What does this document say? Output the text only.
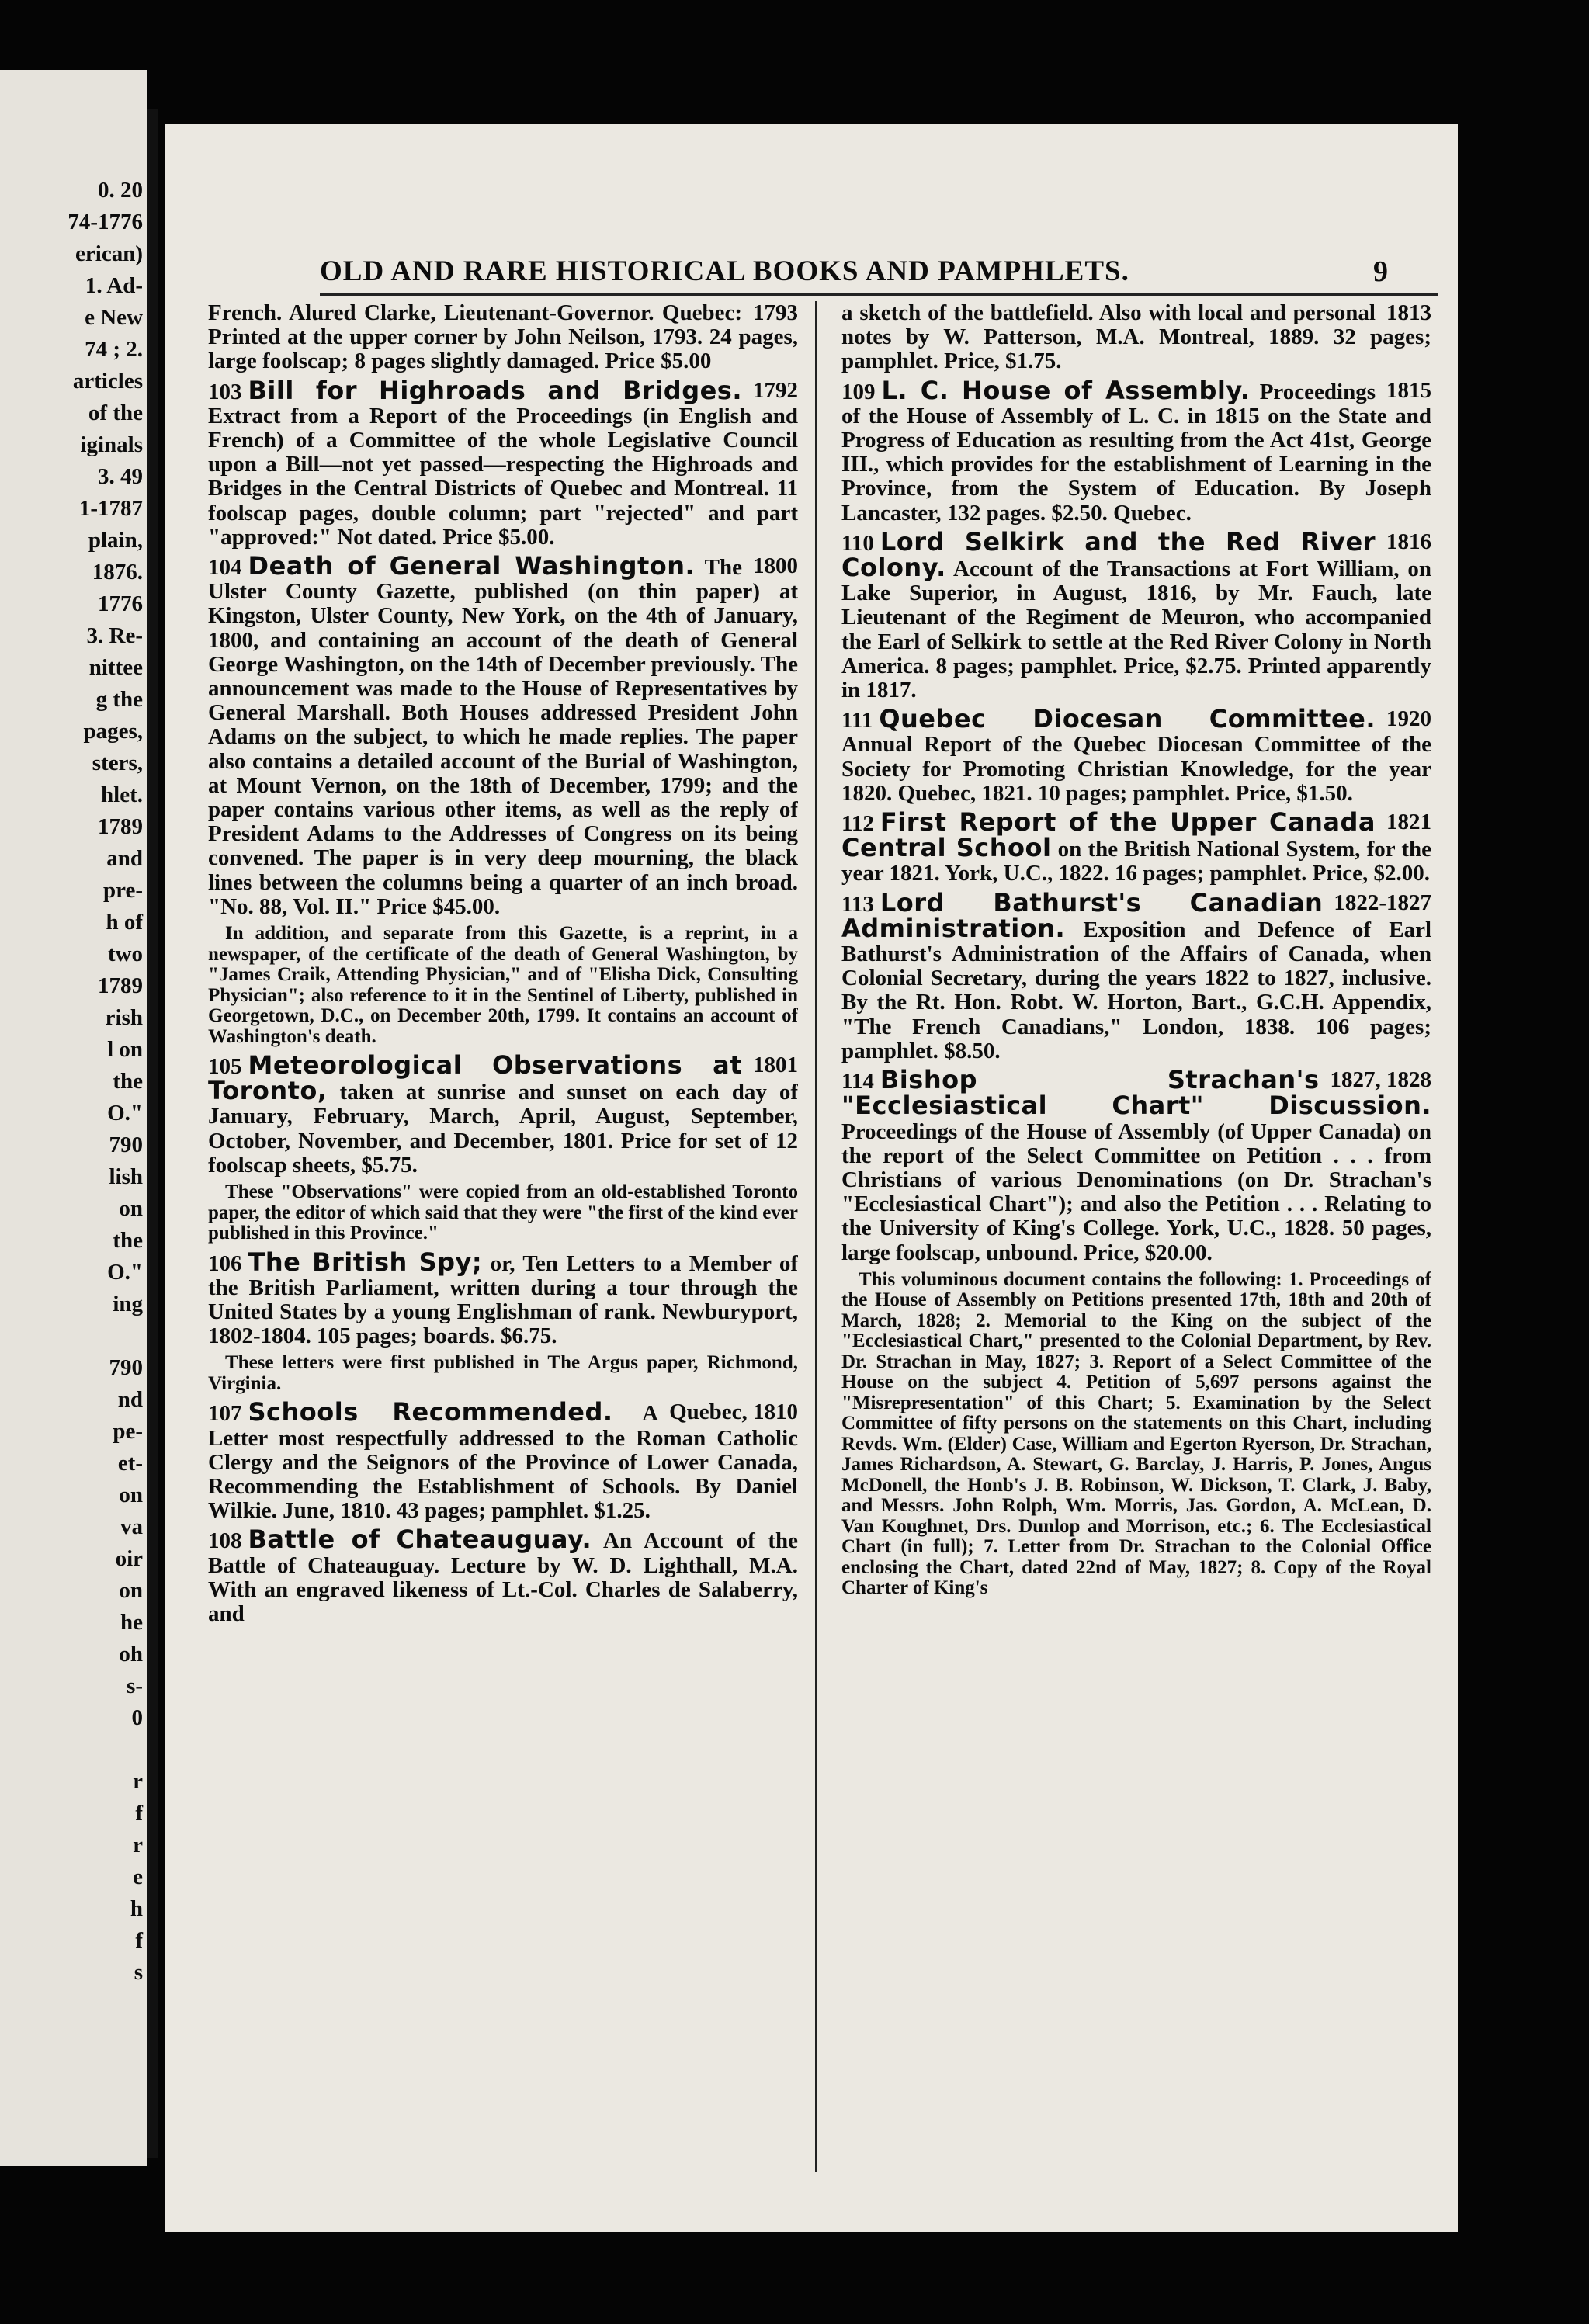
0. 20
74-1776
erican)
1. Ad-
e New
74 ; 2.
articles
of the
iginals
3. 49
1-1787
plain,
1876.
1776
3. Re-
nittee
g the
pages,
sters,
hlet.
1789
and
pre-
h of
two
1789
rish
l on
the
O."
790
lish
on
the
O."
ing
790
nd
pe-
et-
on
va
oir
on
he
oh
s-
0
r
f
r
e
h
f
s
OLD AND RARE HISTORICAL BOOKS AND PAMPHLETS.	9
1793
French. Alured Clarke, Lieutenant-Governor. Quebec: Printed at the upper corner by John Neilson, 1793. 24 pages, large foolscap; 8 pages slightly damaged. Price $5.00
1792
103 Bill for Highroads and Bridges. Extract from a Report of the Proceedings (in English and French) of a Committee of the whole Legislative Council upon a Bill—not yet passed—respecting the Highroads and Bridges in the Central Districts of Quebec and Montreal. 11 foolscap pages, double column; part "rejected" and part "approved:" Not dated. Price $5.00.
1800
104 Death of General Washington. The Ulster County Gazette, published (on thin paper) at Kingston, Ulster County, New York, on the 4th of January, 1800, and containing an account of the death of General George Washington, on the 14th of December previously. The announcement was made to the House of Representatives by General Marshall. Both Houses addressed President John Adams on the subject, to which he made replies. The paper also contains a detailed account of the Burial of Washington, at Mount Vernon, on the 18th of December, 1799; and the paper contains various other items, as well as the reply of President Adams to the Addresses of Congress on its being convened. The paper is in very deep mourning, the black lines between the columns being a quarter of an inch broad. "No. 88, Vol. II." Price $45.00.
In addition, and separate from this Gazette, is a reprint, in a newspaper, of the certificate of the death of General Washington, by "James Craik, Attending Physician," and of "Elisha Dick, Consulting Physician"; also reference to it in the Sentinel of Liberty, published in Georgetown, D.C., on December 20th, 1799. It contains an account of Washington's death.
1801
105 Meteorological Observations at Toronto, taken at sunrise and sunset on each day of January, February, March, April, August, September, October, November, and December, 1801. Price for set of 12 foolscap sheets, $5.75.
These "Observations" were copied from an old-established Toronto paper, the editor of which said that they were "the first of the kind ever published in this Province."
106 The British Spy; or, Ten Letters to a Member of the British Parliament, written during a tour through the United States by a young Englishman of rank. Newburyport, 1802-1804. 105 pages; boards. $6.75.
These letters were first published in The Argus paper, Richmond, Virginia.
Quebec, 1810
107 Schools Recommended. A Letter most respectfully addressed to the Roman Catholic Clergy and the Seignors of the Province of Lower Canada, Recommending the Establishment of Schools. By Daniel Wilkie. June, 1810. 43 pages; pamphlet. $1.25.
108 Battle of Chateauguay. An Account of the Battle of Chateauguay. Lecture by W. D. Lighthall, M.A. With an engraved likeness of Lt.-Col. Charles de Salaberry, and
1813
a sketch of the battlefield. Also with local and personal notes by W. Patterson, M.A. Montreal, 1889. 32 pages; pamphlet. Price, $1.75.
1815
109 L. C. House of Assembly. Proceedings of the House of Assembly of L. C. in 1815 on the State and Progress of Education as resulting from the Act 41st, George III., which provides for the establishment of Learning in the Province, from the System of Education. By Joseph Lancaster, 132 pages. $2.50. Quebec.
1816
110 Lord Selkirk and the Red River Colony. Account of the Transactions at Fort William, on Lake Superior, in August, 1816, by Mr. Fauch, late Lieutenant of the Regiment de Meuron, who accompanied the Earl of Selkirk to settle at the Red River Colony in North America. 8 pages; pamphlet. Price, $2.75. Printed apparently in 1817.
1920
111 Quebec Diocesan Committee. Annual Report of the Quebec Diocesan Committee of the Society for Promoting Christian Knowledge, for the year 1820. Quebec, 1821. 10 pages; pamphlet. Price, $1.50.
1821
112 First Report of the Upper Canada Central School on the British National System, for the year 1821. York, U.C., 1822. 16 pages; pamphlet. Price, $2.00.
1822-1827
113 Lord Bathurst's Canadian Administration. Exposition and Defence of Earl Bathurst's Administration of the Affairs of Canada, when Colonial Secretary, during the years 1822 to 1827, inclusive. By the Rt. Hon. Robt. W. Horton, Bart., G.C.H. Appendix, "The French Canadians," London, 1838. 106 pages; pamphlet. $8.50.
1827, 1828
114 Bishop Strachan's "Ecclesiastical Chart" Discussion. Proceedings of the House of Assembly (of Upper Canada) on the report of the Select Committee on Petition . . . from Christians of various Denominations (on Dr. Strachan's "Ecclesiastical Chart"); and also the Petition . . . Relating to the University of King's College. York, U.C., 1828. 50 pages, large foolscap, unbound. Price, $20.00.
This voluminous document contains the following: 1. Proceedings of the House of Assembly on Petitions presented 17th, 18th and 20th of March, 1828; 2. Memorial to the King on the subject of the "Ecclesiastical Chart," presented to the Colonial Department, by Rev. Dr. Strachan in May, 1827; 3. Report of a Select Committee of the House on the subject 4. Petition of 5,697 persons against the "Misrepresentation" of this Chart; 5. Examination by the Select Committee of fifty persons on the statements on this Chart, including Revds. Wm. (Elder) Case, William and Egerton Ryerson, Dr. Strachan, James Richardson, A. Stewart, G. Barclay, J. Harris, P. Jones, Angus McDonell, the Honb's J. B. Robinson, W. Dickson, T. Clark, J. Baby, and Messrs. John Rolph, Wm. Morris, Jas. Gordon, A. McLean, D. Van Koughnet, Drs. Dunlop and Morrison, etc.; 6. The Ecclesiastical Chart (in full); 7. Letter from Dr. Strachan to the Colonial Office enclosing the Chart, dated 22nd of May, 1827; 8. Copy of the Royal Charter of King's
